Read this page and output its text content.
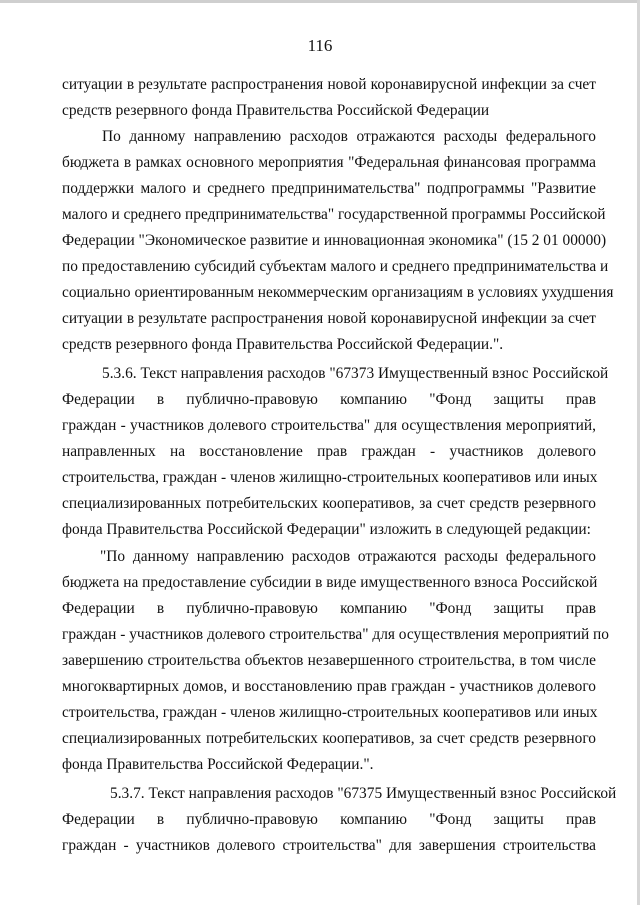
116
ситуации в результате распространения новой коронавирусной инфекции за счет
средств резервного фонда Правительства Российской Федерации
По данному направлению расходов отражаются расходы федерального
бюджета в рамках основного мероприятия "Федеральная финансовая программа
поддержки малого и среднего предпринимательства" подпрограммы "Развитие
малого и среднего предпринимательства" государственной программы Российской
Федерации "Экономическое развитие и инновационная экономика" (15 2 01 00000)
по предоставлению субсидий субъектам малого и среднего предпринимательства и
социально ориентированным некоммерческим организациям в условиях ухудшения
ситуации в результате распространения новой коронавирусной инфекции за счет
средств резервного фонда Правительства Российской Федерации.".
5.3.6. Текст направления расходов "67373 Имущественный взнос Российской
Федерации в публично-правовую компанию "Фонд защиты прав
граждан - участников долевого строительства" для осуществления мероприятий,
направленных на восстановление прав граждан - участников долевого
строительства, граждан - членов жилищно-строительных кооперативов или иных
специализированных потребительских кооперативов, за счет средств резервного
фонда Правительства Российской Федерации" изложить в следующей редакции:
"По данному направлению расходов отражаются расходы федерального
бюджета на предоставление субсидии в виде имущественного взноса Российской
Федерации в публично-правовую компанию "Фонд защиты прав
граждан - участников долевого строительства" для осуществления мероприятий по
завершению строительства объектов незавершенного строительства, в том числе
многоквартирных домов, и восстановлению прав граждан - участников долевого
строительства, граждан - членов жилищно-строительных кооперативов или иных
специализированных потребительских кооперативов, за счет средств резервного
фонда Правительства Российской Федерации.".
5.3.7. Текст направления расходов "67375 Имущественный взнос Российской
Федерации в публично-правовую компанию "Фонд защиты прав
граждан - участников долевого строительства" для завершения строительства
